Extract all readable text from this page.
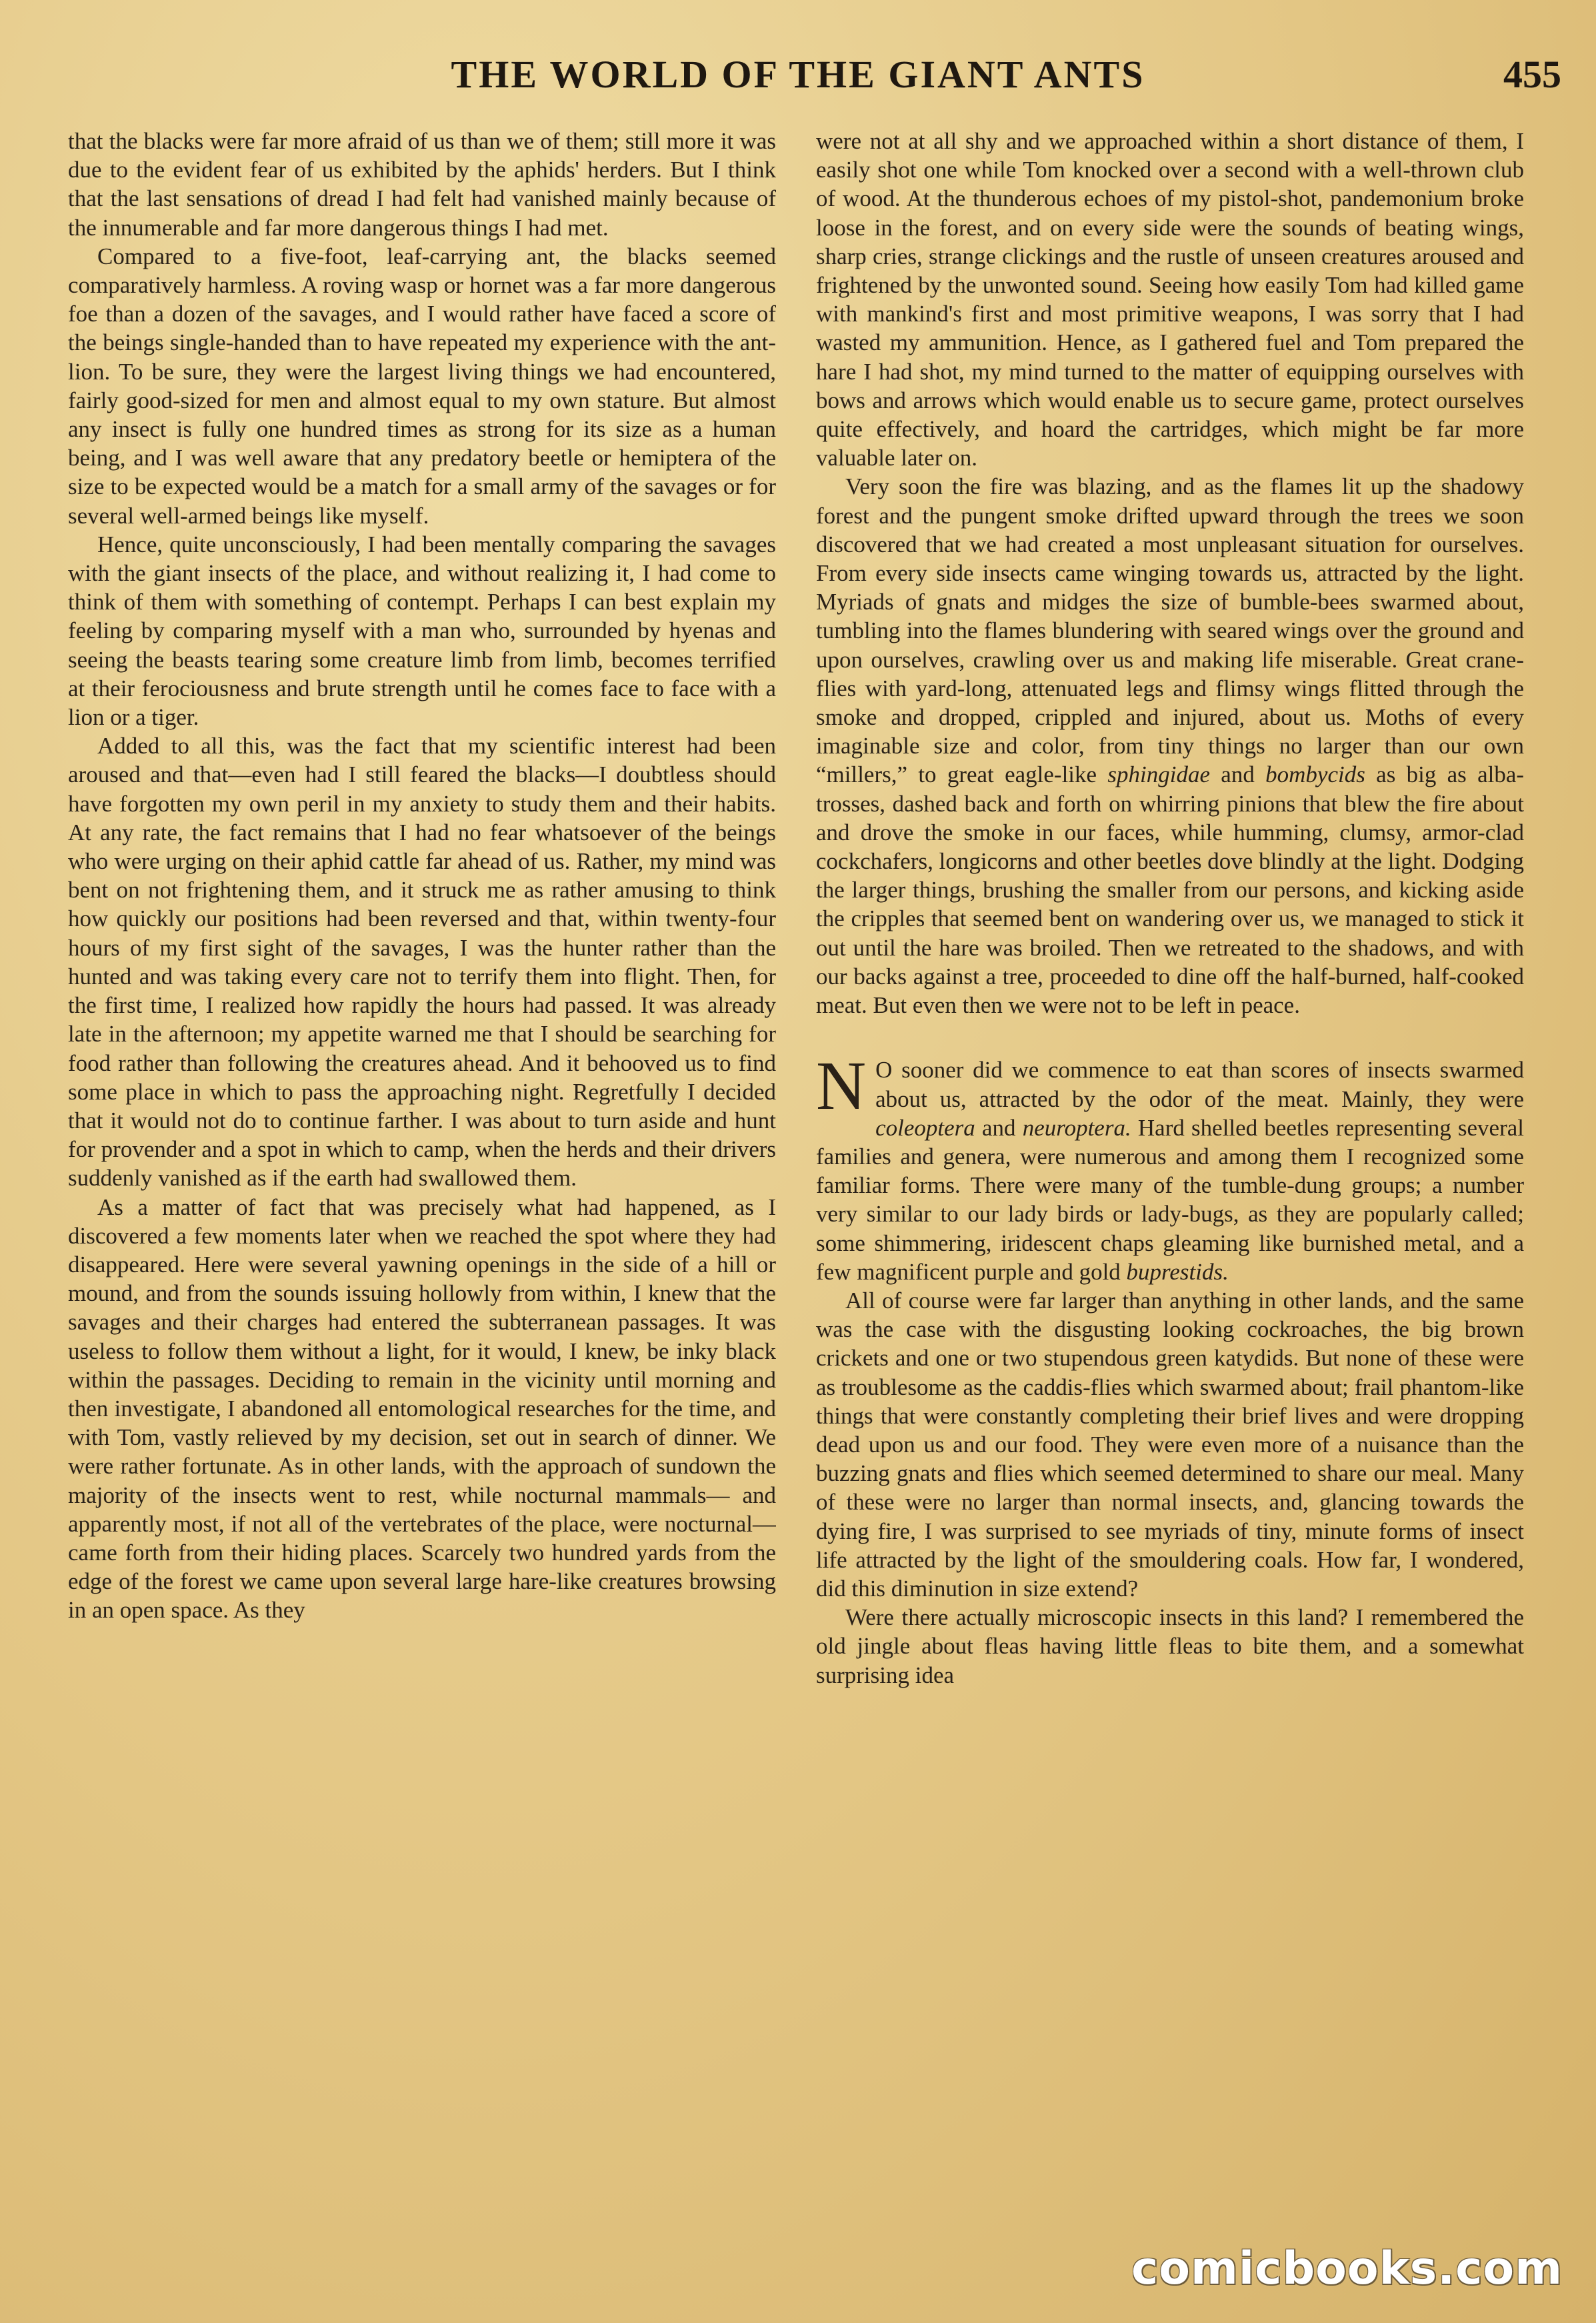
THE WORLD OF THE GIANT ANTS	455

that the blacks were far more afraid of us than we of them; still more it was due to the evident fear of us exhibited by the aphids' herders. But I think that the last sensations of dread I had felt had vanished mainly because of the innumerable and far more dangerous things I had met.

Compared to a five-foot, leaf-carrying ant, the blacks seemed comparatively harmless. A roving wasp or hornet was a far more dangerous foe than a dozen of the savages, and I would rather have faced a score of the beings single-handed than to have repeated my experience with the ant-lion. To be sure, they were the largest living things we had encountered, fairly good-sized for men and almost equal to my own stature. But almost any insect is fully one hundred times as strong for its size as a human being, and I was well aware that any predatory beetle or hemiptera of the size to be expected would be a match for a small army of the savages or for several well-armed beings like myself.

Hence, quite unconsciously, I had been mentally comparing the savages with the giant insects of the place, and without realizing it, I had come to think of them with something of contempt. Perhaps I can best explain my feeling by comparing myself with a man who, surrounded by hyenas and seeing the beasts tearing some creature limb from limb, becomes terrified at their ferociousness and brute strength until he comes face to face with a lion or a tiger.

Added to all this, was the fact that my scientific interest had been aroused and that—even had I still feared the blacks—I doubtless should have forgotten my own peril in my anxiety to study them and their habits. At any rate, the fact remains that I had no fear whatsoever of the beings who were urging on their aphid cattle far ahead of us. Rather, my mind was bent on not frightening them, and it struck me as rather amusing to think how quickly our positions had been reversed and that, within twenty-four hours of my first sight of the savages, I was the hunter rather than the hunted and was taking every care not to terrify them into flight. Then, for the first time, I realized how rapidly the hours had passed. It was already late in the afternoon; my appetite warned me that I should be searching for food rather than following the creatures ahead. And it behooved us to find some place in which to pass the approaching night. Regretfully I decided that it would not do to continue farther. I was about to turn aside and hunt for provender and a spot in which to camp, when the herds and their drivers suddenly vanished as if the earth had swallowed them.

As a matter of fact that was precisely what had happened, as I discovered a few moments later when we reached the spot where they had disappeared. Here were several yawning openings in the side of a hill or mound, and from the sounds issuing hollowly from within, I knew that the savages and their charges had entered the subterranean passages. It was useless to follow them without a light, for it would, I knew, be inky black within the passages. Deciding to remain in the vicinity until morning and then investigate, I abandoned all entomological researches for the time, and with Tom, vastly relieved by my decision, set out in search of dinner. We were rather fortunate. As in other lands, with the approach of sundown the majority of the insects went to rest, while nocturnal mammals— and apparently most, if not all of the vertebrates of the place, were nocturnal—came forth from their hiding places. Scarcely two hundred yards from the edge of the forest we came upon several large hare-like creatures browsing in an open space. As they

were not at all shy and we approached within a short distance of them, I easily shot one while Tom knocked over a second with a well-thrown club of wood. At the thunderous echoes of my pistol-shot, pandemonium broke loose in the forest, and on every side were the sounds of beating wings, sharp cries, strange clickings and the rustle of unseen creatures aroused and frightened by the unwonted sound. Seeing how easily Tom had killed game with mankind's first and most primitive weapons, I was sorry that I had wasted my ammunition. Hence, as I gathered fuel and Tom prepared the hare I had shot, my mind turned to the matter of equipping ourselves with bows and arrows which would enable us to secure game, protect ourselves quite effectively, and hoard the cartridges, which might be far more valuable later on.

Very soon the fire was blazing, and as the flames lit up the shadowy forest and the pungent smoke drifted upward through the trees we soon discovered that we had created a most unpleasant situation for ourselves. From every side insects came winging towards us, attracted by the light. Myriads of gnats and midges the size of bumble-bees swarmed about, tumbling into the flames blundering with seared wings over the ground and upon ourselves, crawling over us and making life miserable. Great crane-flies with yard-long, attenuated legs and flimsy wings flitted through the smoke and dropped, crippled and injured, about us. Moths of every imaginable size and color, from tiny things no larger than our own “millers,” to great eagle-like sphingidae and bombycids as big as albatrosses, dashed back and forth on whirring pinions that blew the fire about and drove the smoke in our faces, while humming, clumsy, armor-clad cockchafers, longicorns and other beetles dove blindly at the light. Dodging the larger things, brushing the smaller from our persons, and kicking aside the cripples that seemed bent on wandering over us, we managed to stick it out until the hare was broiled. Then we retreated to the shadows, and with our backs against a tree, proceeded to dine off the half-burned, half-cooked meat. But even then we were not to be left in peace.

N O sooner did we commence to eat than scores of insects swarmed about us, attracted by the odor of the meat. Mainly, they were coleoptera and neuroptera. Hard shelled beetles representing several families and genera, were numerous and among them I recognized some familiar forms. There were many of the tumble-dung groups; a number very similar to our lady birds or lady-bugs, as they are popularly called; some shimmering, iridescent chaps gleaming like burnished metal, and a few magnificent purple and gold buprestids.

All of course were far larger than anything in other lands, and the same was the case with the disgusting looking cockroaches, the big brown crickets and one or two stupendous green katydids. But none of these were as troublesome as the caddis-flies which swarmed about; frail phantom-like things that were constantly completing their brief lives and were dropping dead upon us and our food. They were even more of a nuisance than the buzzing gnats and flies which seemed determined to share our meal. Many of these were no larger than normal insects, and, glancing towards the dying fire, I was surprised to see myriads of tiny, minute forms of insect life attracted by the light of the smouldering coals. How far, I wondered, did this diminution in size extend?

Were there actually microscopic insects in this land? I remembered the old jingle about fleas having little fleas to bite them, and a somewhat surprising idea

comicbooks.com
